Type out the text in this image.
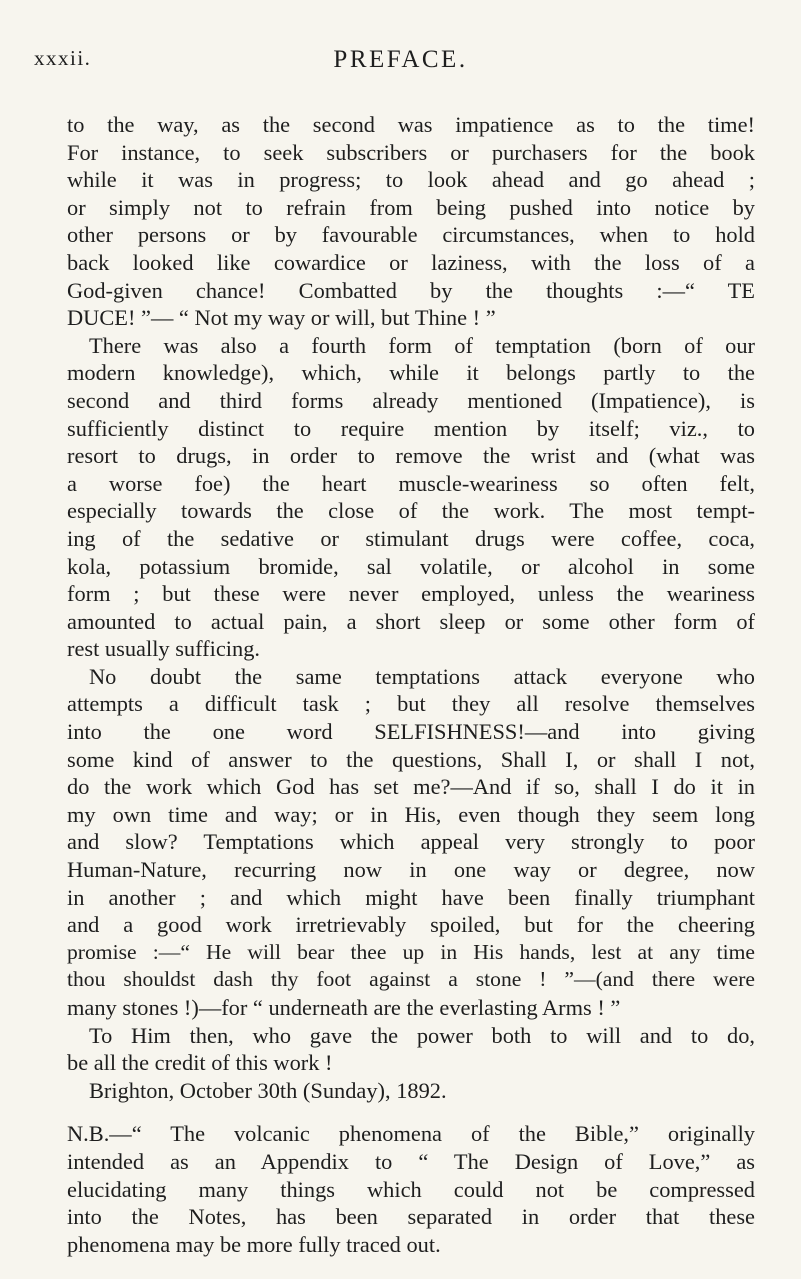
xxxii.	PREFACE.
to the way, as the second was impatience as to the time!
For instance, to seek subscribers or purchasers for the book
while it was in progress; to look ahead and go ahead ;
or simply not to refrain from being pushed into notice by
other persons or by favourable circumstances, when to hold
back looked like cowardice or laziness, with the loss of a
God-given chance! Combatted by the thoughts :—“ TE
DUCE! ”— “ Not my way or will, but Thine ! ”
There was also a fourth form of temptation (born of our
modern knowledge), which, while it belongs partly to the
second and third forms already mentioned (Impatience), is
sufficiently distinct to require mention by itself; viz., to
resort to drugs, in order to remove the wrist and (what was
a worse foe) the heart muscle-weariness so often felt,
especially towards the close of the work. The most tempt-
ing of the sedative or stimulant drugs were coffee, coca,
kola, potassium bromide, sal volatile, or alcohol in some
form ; but these were never employed, unless the weariness
amounted to actual pain, a short sleep or some other form of
rest usually sufficing.
No doubt the same temptations attack everyone who
attempts a difficult task ; but they all resolve themselves
into the one word SELFISHNESS!—and into giving
some kind of answer to the questions, Shall I, or shall I not,
do the work which God has set me?—And if so, shall I do it in
my own time and way; or in His, even though they seem long
and slow? Temptations which appeal very strongly to poor
Human-Nature, recurring now in one way or degree, now
in another ; and which might have been finally triumphant
and a good work irretrievably spoiled, but for the cheering
promise :—“ He will bear thee up in His hands, lest at any time
thou shouldst dash thy foot against a stone ! ”—(and there were
many stones !)—for “ underneath are the everlasting Arms ! ”
To Him then, who gave the power both to will and to do,
be all the credit of this work !
Brighton, October 30th (Sunday), 1892.
N.B.—“ The volcanic phenomena of the Bible,” originally
intended as an Appendix to “ The Design of Love,” as
elucidating many things which could not be compressed
into the Notes, has been separated in order that these
phenomena may be more fully traced out.
